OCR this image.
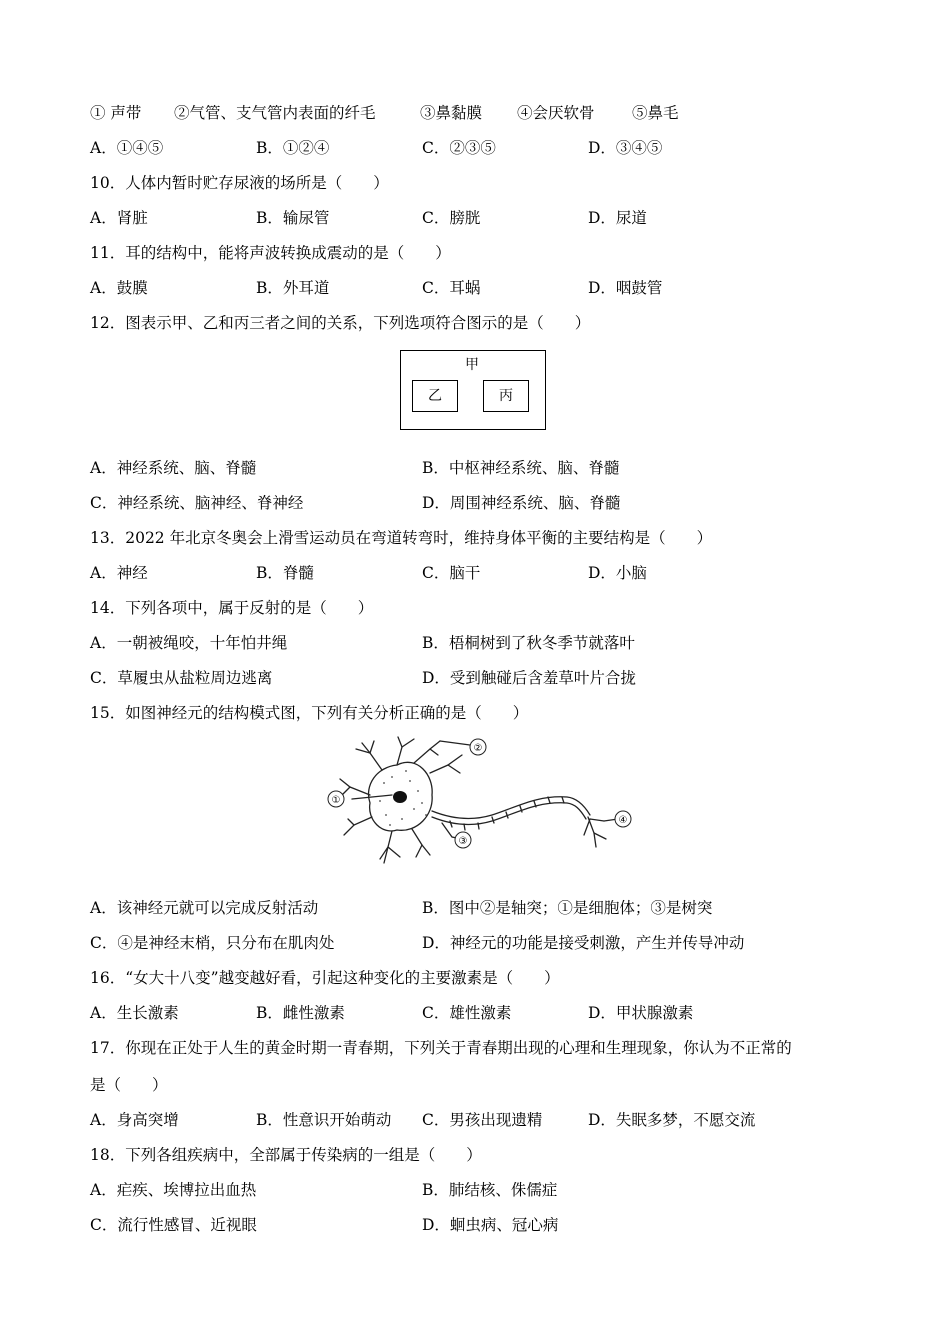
① 声带 ②气管、支气管内表面的纤毛	③鼻黏膜 ④会厌软骨 ⑤鼻毛
A．①④⑤	B．①②④	C．②③⑤	D．③④⑤
10．人体内暂时贮存尿液的场所是（　　）
A．肾脏	B．输尿管	C．膀胱	D．尿道
11．耳的结构中，能将声波转换成震动的是（　　）
A．鼓膜	B．外耳道	C．耳蜗	D．咽鼓管
12．图表示甲、乙和丙三者之间的关系，下列选项符合图示的是（　　）
甲
乙	丙
A．神经系统、脑、脊髓	B．中枢神经系统、脑、脊髓
C．神经系统、脑神经、脊神经	D．周围神经系统、脑、脊髓
13．2022 年北京冬奥会上滑雪运动员在弯道转弯时，维持身体平衡的主要结构是（　　）
A．神经	B．脊髓	C．脑干	D．小脑
14．下列各项中，属于反射的是（　　）
A．一朝被绳咬，十年怕井绳	B．梧桐树到了秋冬季节就落叶
C．草履虫从盐粒周边逃离	D．受到触碰后含羞草叶片合拢
15．如图神经元的结构模式图，下列有关分析正确的是（　　）
①
②
③
④
A．该神经元就可以完成反射活动	B．图中②是轴突；①是细胞体；③是树突
C．④是神经末梢，只分布在肌肉处	D．神经元的功能是接受刺激，产生并传导冲动
16．“女大十八变”越变越好看，引起这种变化的主要激素是（　　）
A．生长激素	B．雌性激素	C．雄性激素	D．甲状腺激素
17．你现在正处于人生的黄金时期一青春期，下列关于青春期出现的心理和生理现象，你认为不正常的
是（　　）
A．身高突增	B．性意识开始萌动 C．男孩出现遗精	D．失眠多梦，不愿交流
18．下列各组疾病中，全部属于传染病的一组是（　　）
A．疟疾、埃博拉出血热	B．肺结核、侏儒症
C．流行性感冒、近视眼	D．蛔虫病、冠心病
